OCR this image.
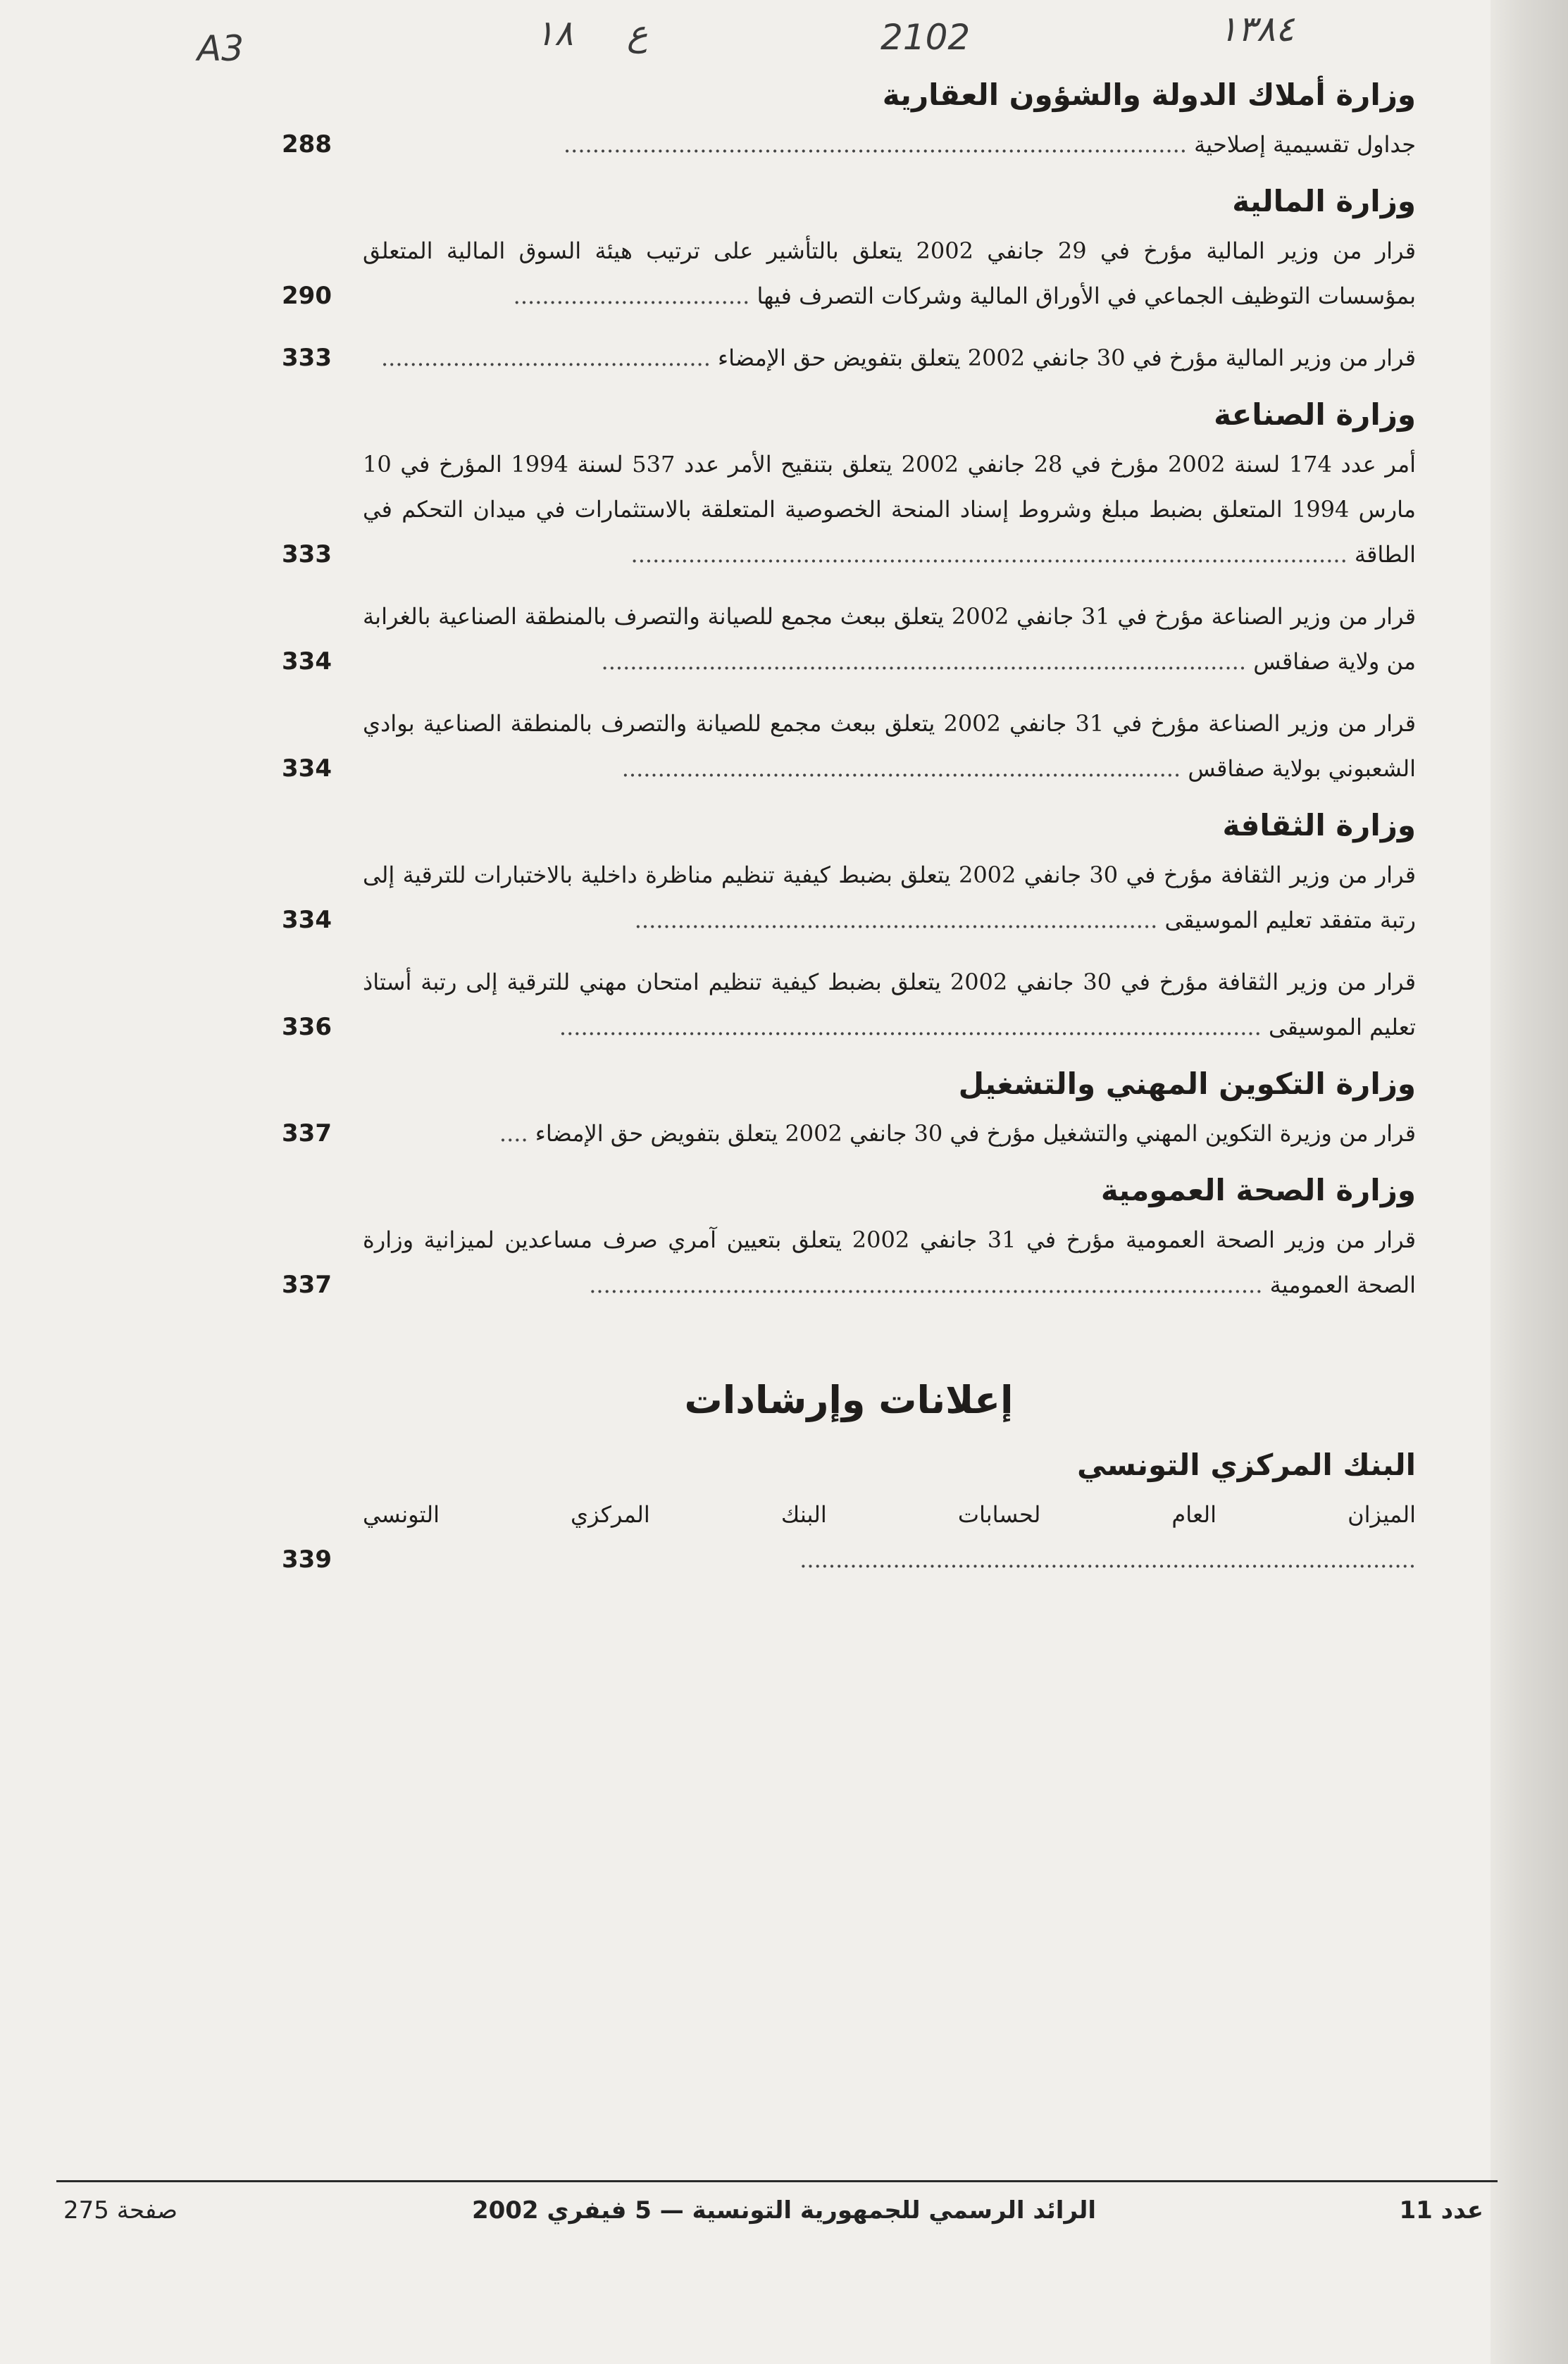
A3	١٨ ع	2102	١٣٨٤
وزارة أملاك الدولة والشؤون العقارية
جداول تقسيمية إصلاحية .......................................................................................
288
وزارة المالية
قرار من وزير المالية مؤرخ في 29 جانفي 2002 يتعلق بالتأشير على ترتيب هيئة السوق المالية المتعلق بمؤسسات التوظيف الجماعي في الأوراق المالية وشركات التصرف فيها .................................
290
قرار من وزير المالية مؤرخ في 30 جانفي 2002 يتعلق بتفويض حق الإمضاء ..............................................
333
وزارة الصناعة
أمر عدد 174 لسنة 2002 مؤرخ في 28 جانفي 2002 يتعلق بتنقيح الأمر عدد 537 لسنة 1994 المؤرخ في 10 مارس 1994 المتعلق بضبط مبلغ وشروط إسناد المنحة الخصوصية المتعلقة بالاستثمارات في ميدان التحكم في الطاقة ....................................................................................................
333
قرار من وزير الصناعة مؤرخ في 31 جانفي 2002 يتعلق ببعث مجمع للصيانة والتصرف بالمنطقة الصناعية بالغرابة من ولاية صفاقس ..........................................................................................
334
قرار من وزير الصناعة مؤرخ في 31 جانفي 2002 يتعلق ببعث مجمع للصيانة والتصرف بالمنطقة الصناعية بوادي الشعبوني بولاية صفاقس ..............................................................................
334
وزارة الثقافة
قرار من وزير الثقافة مؤرخ في 30 جانفي 2002 يتعلق بضبط كيفية تنظيم مناظرة داخلية بالاختبارات للترقية إلى رتبة متفقد تعليم الموسيقى .........................................................................
334
قرار من وزير الثقافة مؤرخ في 30 جانفي 2002 يتعلق بضبط كيفية تنظيم امتحان مهني للترقية إلى رتبة أستاذ تعليم الموسيقى ..................................................................................................
336
وزارة التكوين المهني والتشغيل
قرار من وزيرة التكوين المهني والتشغيل مؤرخ في 30 جانفي 2002 يتعلق بتفويض حق الإمضاء ....
337
وزارة الصحة العمومية
قرار من وزير الصحة العمومية مؤرخ في 31 جانفي 2002 يتعلق بتعيين آمري صرف مساعدين لميزانية وزارة الصحة العمومية ..............................................................................................
337
إعلانات وإرشادات
البنك المركزي التونسي
الميزان العام لحسابات البنك المركزي التونسي ......................................................................................
339
عدد 11
الرائد الرسمي للجمهورية التونسية — 5 فيفري 2002
صفحة 275
